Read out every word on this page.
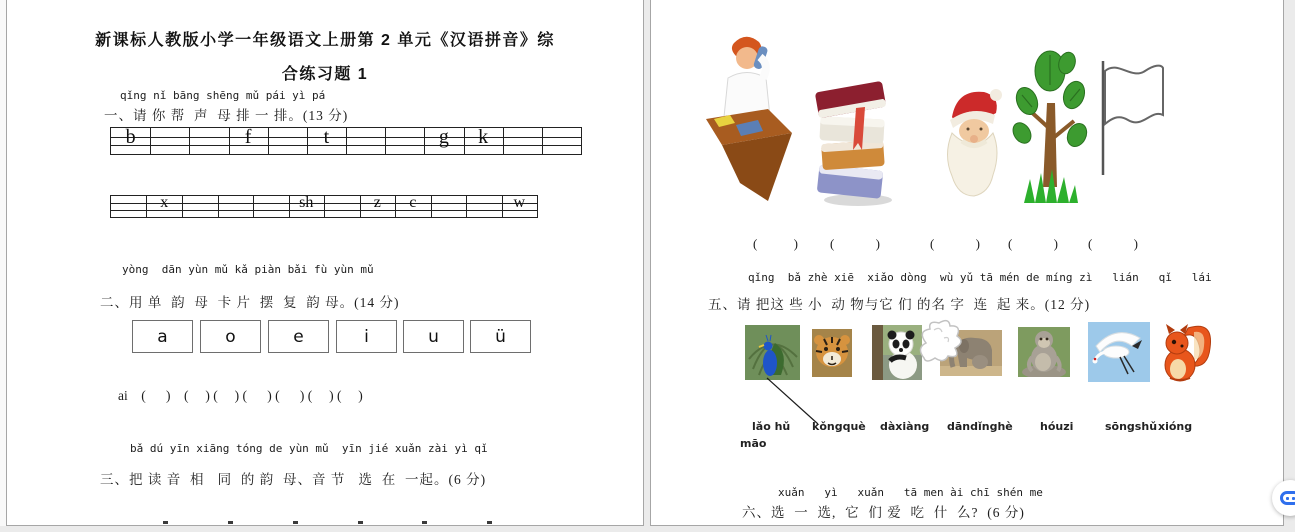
新课标人教版小学一年级语文上册第 2 单元《汉语拼音》综
合练习题 1
qǐng nǐ bāng shēng mǔ pái yì pá
一、请 你 帮  声  母 排 一 排。(13 分)
b	f	t	g k
x	sh	z c	w
yòng  dān yùn mǔ kǎ piàn bǎi fù yùn mǔ
二、用 单  韵  母  卡 片  摆  复  韵 母。(14 分)
ai    (      )    (     ) (     ) (      ) (      ) (     ) (     )
bǎ dú yīn xiāng tóng de yùn mǔ  yīn jié xuǎn zài yì qǐ
三、把 读 音  相   同  的 韵  母、音 节   选  在  一起。(6 分)
qǐng  bǎ zhè xiē  xiǎo dòng  wù yǔ tā mén de míng zì   lián   qǐ   lái
五、请 把这 些 小  动 物与它 们 的名 字  连  起 来。(12 分)
xuǎn   yì   xuǎn   tā men ài chī shén me
六、选  一  选,  它  们 爱  吃  什  么?  (6 分)
a	o	e	i	u	ü
(	) (	)	(	) (	) (	)
lǎo hǔ kǒngquè dàxiàng dāndǐnghè hóuzi	sōngshǔ xióng
māo
